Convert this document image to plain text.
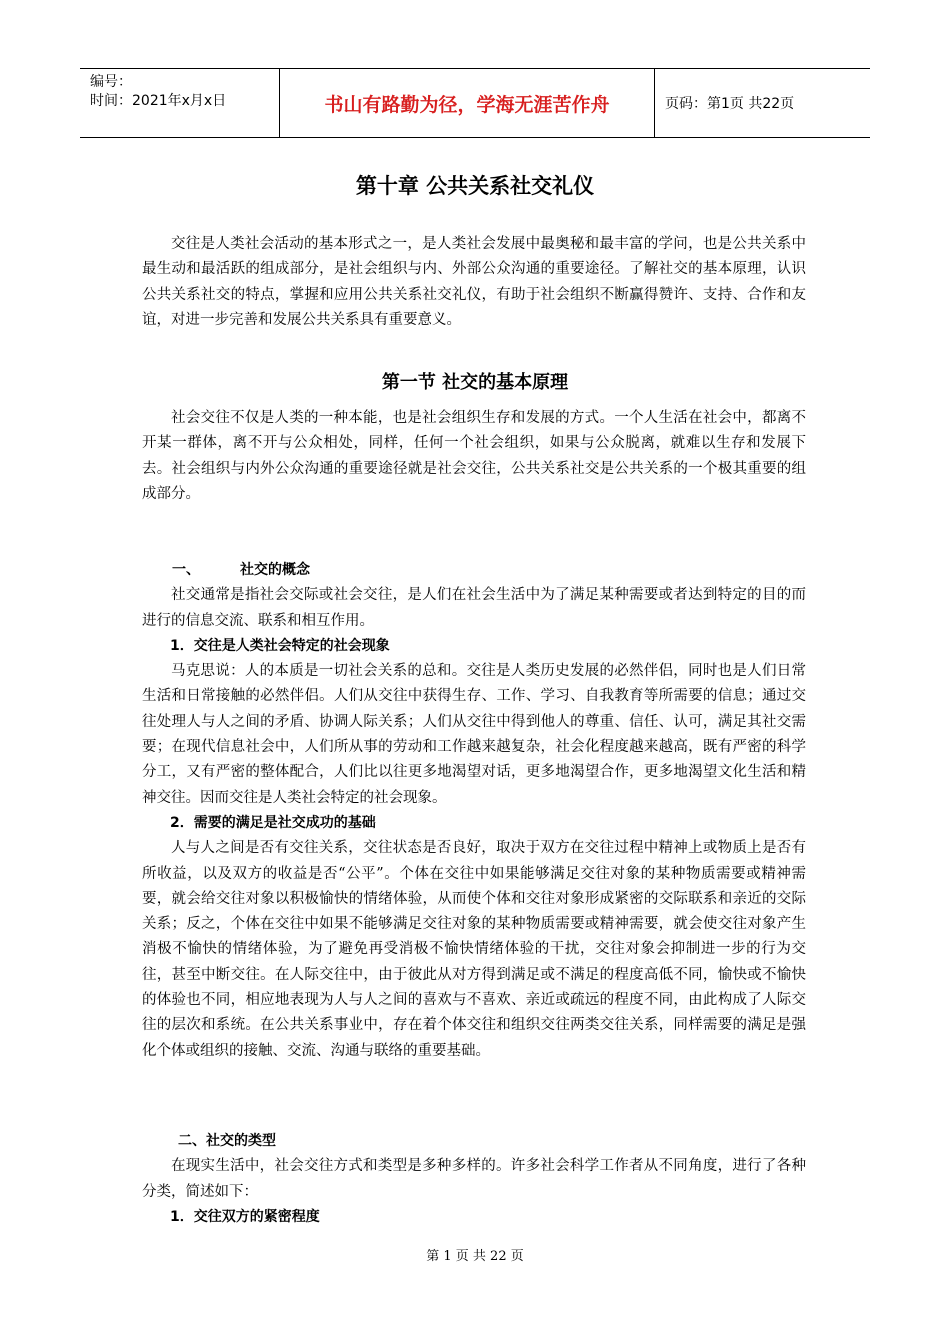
编号：
时间：2021年x月x日	书山有路勤为径，学海无涯苦作舟	页码：第1页 共22页
第十章 公共关系社交礼仪

交往是人类社会活动的基本形式之一，是人类社会发展中最奥秘和最丰富的学问，也是公共关系中最生动和最活跃的组成部分，是社会组织与内、外部公众沟通的重要途径。了解社交的基本原理，认识公共关系社交的特点，掌握和应用公共关系社交礼仪，有助于社会组织不断赢得赞许、支持、合作和友谊，对进一步完善和发展公共关系具有重要意义。

第一节 社交的基本原理

社会交往不仅是人类的一种本能，也是社会组织生存和发展的方式。一个人生活在社会中，都离不开某一群体，离不开与公众相处，同样，任何一个社会组织，如果与公众脱离，就难以生存和发展下去。社会组织与内外公众沟通的重要途径就是社会交往，公共关系社交是公共关系的一个极其重要的组成部分。

一、	社交的概念

社交通常是指社会交际或社会交往，是人们在社会生活中为了满足某种需要或者达到特定的目的而进行的信息交流、联系和相互作用。

1．交往是人类社会特定的社会现象

马克思说：人的本质是一切社会关系的总和。交往是人类历史发展的必然伴侣，同时也是人们日常生活和日常接触的必然伴侣。人们从交往中获得生存、工作、学习、自我教育等所需要的信息；通过交往处理人与人之间的矛盾、协调人际关系；人们从交往中得到他人的尊重、信任、认可，满足其社交需要；在现代信息社会中，人们所从事的劳动和工作越来越复杂，社会化程度越来越高，既有严密的科学分工，又有严密的整体配合，人们比以往更多地渴望对话，更多地渴望合作，更多地渴望文化生活和精神交往。因而交往是人类社会特定的社会现象。

2．需要的满足是社交成功的基础

人与人之间是否有交往关系，交往状态是否良好，取决于双方在交往过程中精神上或物质上是否有所收益，以及双方的收益是否“公平”。个体在交往中如果能够满足交往对象的某种物质需要或精神需要，就会给交往对象以积极愉快的情绪体验，从而使个体和交往对象形成紧密的交际联系和亲近的交际关系；反之，个体在交往中如果不能够满足交往对象的某种物质需要或精神需要，就会使交往对象产生消极不愉快的情绪体验，为了避免再受消极不愉快情绪体验的干扰，交往对象会抑制进一步的行为交往，甚至中断交往。在人际交往中，由于彼此从对方得到满足或不满足的程度高低不同，愉快或不愉快的体验也不同，相应地表现为人与人之间的喜欢与不喜欢、亲近或疏远的程度不同，由此构成了人际交往的层次和系统。在公共关系事业中，存在着个体交往和组织交往两类交往关系，同样需要的满足是强化个体或组织的接触、交流、沟通与联络的重要基础。

二、社交的类型

在现实生活中，社会交往方式和类型是多种多样的。许多社会科学工作者从不同角度，进行了各种分类，简述如下：

1．交往双方的紧密程度

第 1 页 共 22 页
